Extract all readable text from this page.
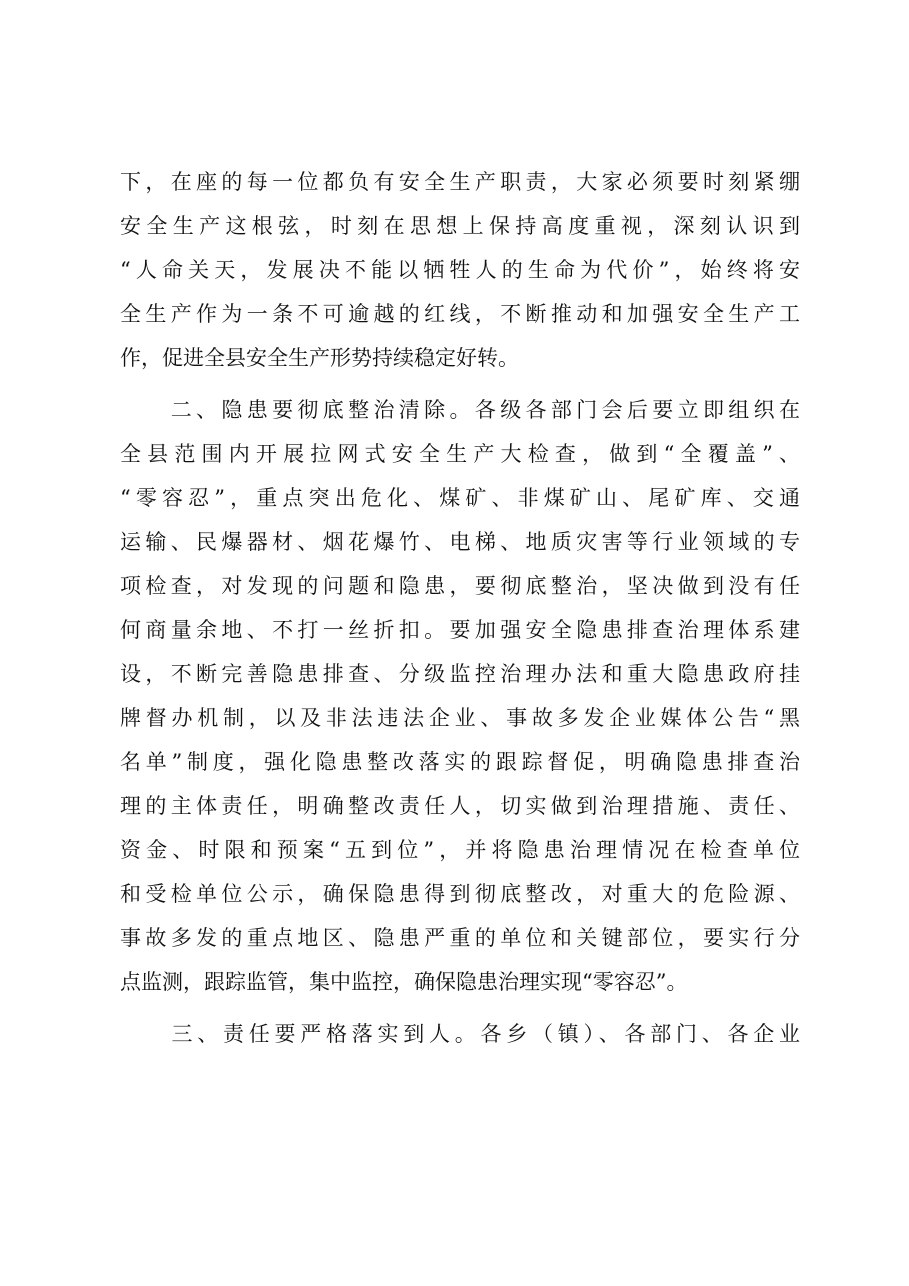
下，在座的每一位都负有安全生产职责，大家必须要时刻紧绷
安全生产这根弦，时刻在思想上保持高度重视，深刻认识到
“人命关天，发展决不能以牺牲人的生命为代价”，始终将安
全生产作为一条不可逾越的红线，不断推动和加强安全生产工
作，促进全县安全生产形势持续稳定好转。
　　二、隐患要彻底整治清除。各级各部门会后要立即组织在
全县范围内开展拉网式安全生产大检查，做到“全覆盖”、
“零容忍”，重点突出危化、煤矿、非煤矿山、尾矿库、交通
运输、民爆器材、烟花爆竹、电梯、地质灾害等行业领域的专
项检查，对发现的问题和隐患，要彻底整治，坚决做到没有任
何商量余地、不打一丝折扣。要加强安全隐患排查治理体系建
设，不断完善隐患排查、分级监控治理办法和重大隐患政府挂
牌督办机制，以及非法违法企业、事故多发企业媒体公告“黑
名单”制度，强化隐患整改落实的跟踪督促，明确隐患排查治
理的主体责任，明确整改责任人，切实做到治理措施、责任、
资金、时限和预案“五到位”，并将隐患治理情况在检查单位
和受检单位公示，确保隐患得到彻底整改，对重大的危险源、
事故多发的重点地区、隐患严重的单位和关键部位，要实行分
点监测，跟踪监管，集中监控，确保隐患治理实现“零容忍”。
　　三、责任要严格落实到人。各乡（镇）、各部门、各企业
